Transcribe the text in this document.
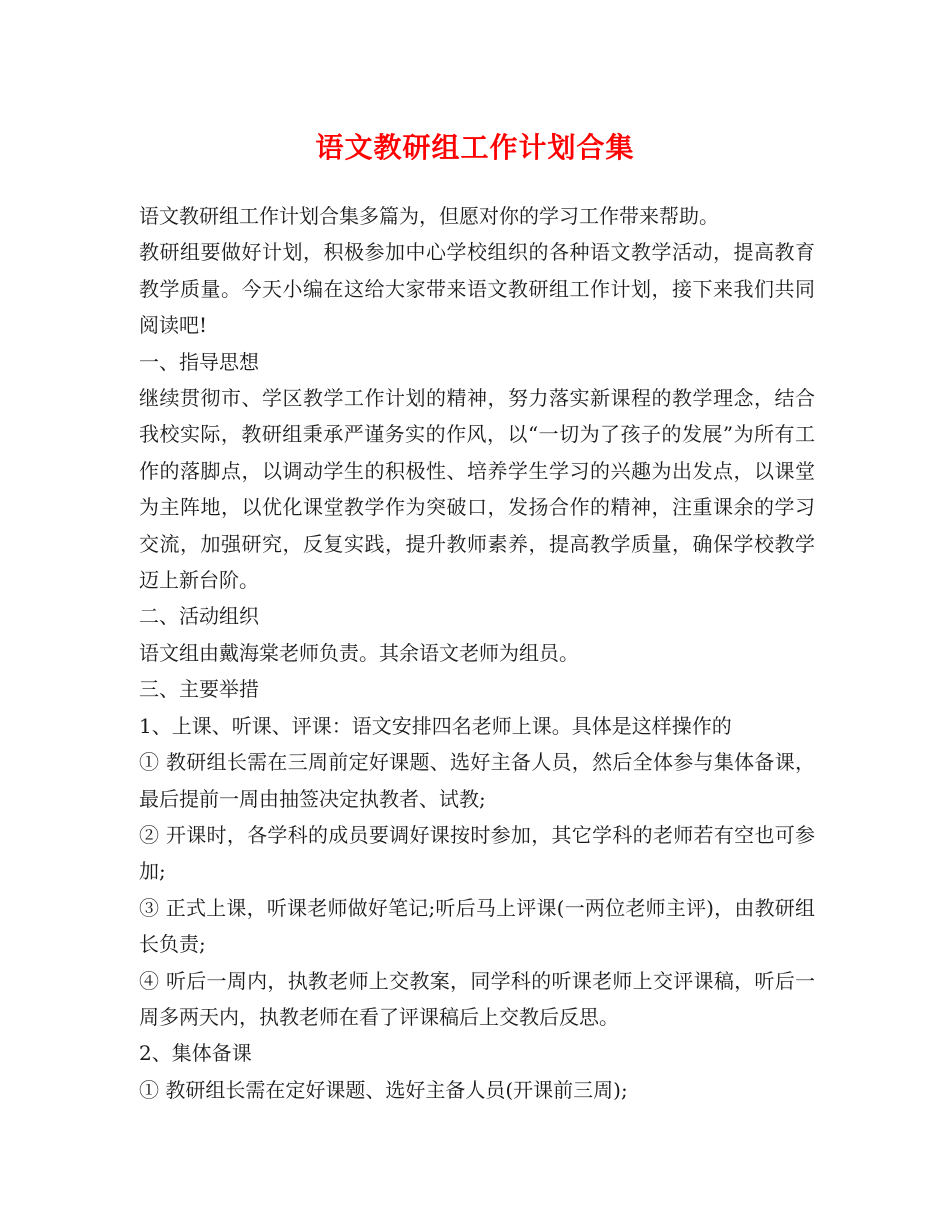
语文教研组工作计划合集

语文教研组工作计划合集多篇为，但愿对你的学习工作带来帮助。

教研组要做好计划，积极参加中心学校组织的各种语文教学活动，提高教育教学质量。今天小编在这给大家带来语文教研组工作计划，接下来我们共同阅读吧!

一、指导思想

继续贯彻市、学区教学工作计划的精神，努力落实新课程的教学理念，结合我校实际，教研组秉承严谨务实的作风，以“一切为了孩子的发展”为所有工作的落脚点，以调动学生的积极性、培养学生学习的兴趣为出发点，以课堂为主阵地，以优化课堂教学作为突破口，发扬合作的精神，注重课余的学习交流，加强研究，反复实践，提升教师素养，提高教学质量，确保学校教学迈上新台阶。

二、活动组织

语文组由戴海棠老师负责。其余语文老师为组员。

三、主要举措

1、上课、听课、评课：语文安排四名老师上课。具体是这样操作的

① 教研组长需在三周前定好课题、选好主备人员，然后全体参与集体备课，最后提前一周由抽签决定执教者、试教;

② 开课时，各学科的成员要调好课按时参加，其它学科的老师若有空也可参加;

③ 正式上课，听课老师做好笔记;听后马上评课(一两位老师主评)，由教研组长负责;

④ 听后一周内，执教老师上交教案，同学科的听课老师上交评课稿，听后一周多两天内，执教老师在看了评课稿后上交教后反思。

2、集体备课

① 教研组长需在定好课题、选好主备人员(开课前三周);
